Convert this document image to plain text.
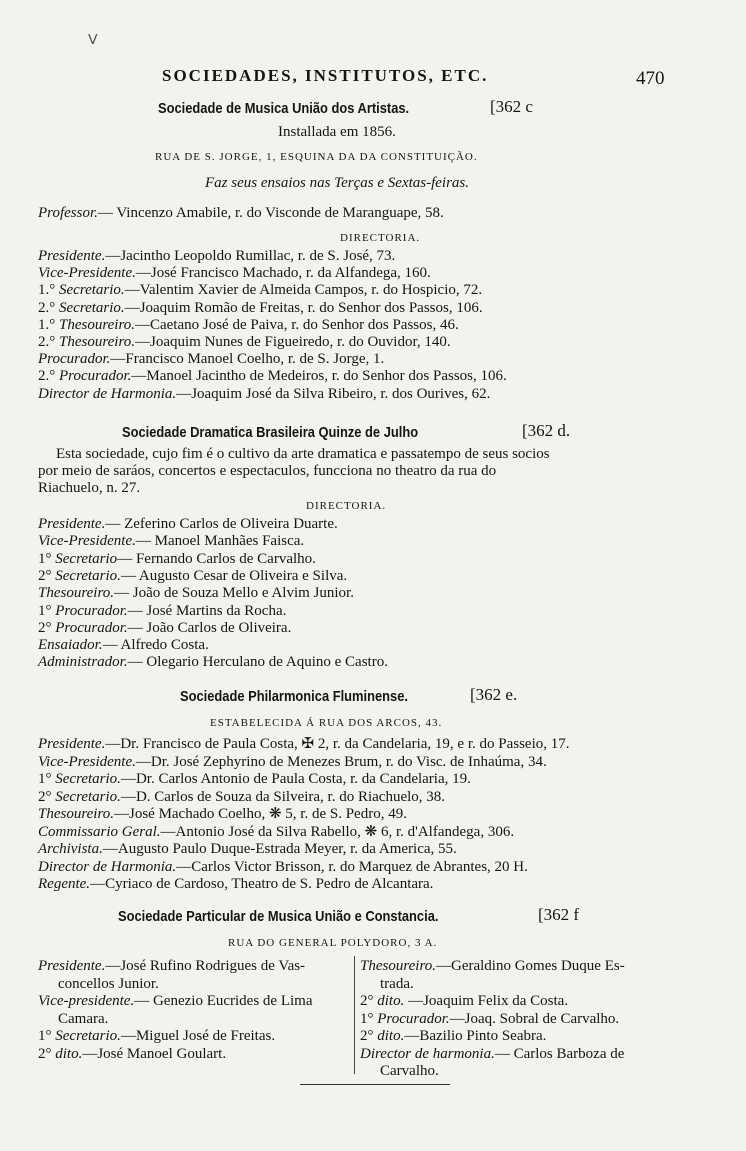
ᐯ
SOCIEDADES, INSTITUTOS, ETC.	470
Sociedade de Musica União dos Artistas.	[362 c
Installada em 1856.
RUA DE S. JORGE, 1, ESQUINA DA DA CONSTITUIÇÃO.
Faz seus ensaios nas Terças e Sextas-feiras.
Professor.— Vincenzo Amabile, r. do Visconde de Maranguape, 58.
DIRECTORIA.
Presidente.—Jacintho Leopoldo Rumillac, r. de S. José, 73.
Vice-Presidente.—José Francisco Machado, r. da Alfandega, 160.
1.° Secretario.—Valentim Xavier de Almeida Campos, r. do Hospicio, 72.
2.° Secretario.—Joaquim Romão de Freitas, r. do Senhor dos Passos, 106.
1.° Thesoureiro.—Caetano José de Paiva, r. do Senhor dos Passos, 46.
2.° Thesoureiro.—Joaquim Nunes de Figueiredo, r. do Ouvidor, 140.
Procurador.—Francisco Manoel Coelho, r. de S. Jorge, 1.
2.° Procurador.—Manoel Jacintho de Medeiros, r. do Senhor dos Passos, 106.
Director de Harmonia.—Joaquim José da Silva Ribeiro, r. dos Ourives, 62.
Sociedade Dramatica Brasileira Quinze de Julho	[362 d.
Esta sociedade, cujo fim é o cultivo da arte dramatica e passatempo de seus socios
por meio de saráos, concertos e espectaculos, funcciona no theatro da rua do
Riachuelo, n. 27.
DIRECTORIA.
Presidente.— Zeferino Carlos de Oliveira Duarte.
Vice-Presidente.— Manoel Manhães Faisca.
1° Secretario— Fernando Carlos de Carvalho.
2° Secretario.— Augusto Cesar de Oliveira e Silva.
Thesoureiro.— João de Souza Mello e Alvim Junior.
1° Procurador.— José Martins da Rocha.
2° Procurador.— João Carlos de Oliveira.
Ensaiador.— Alfredo Costa.
Administrador.— Olegario Herculano de Aquino e Castro.
Sociedade Philarmonica Fluminense.	[362 e.
ESTABELECIDA Á RUA DOS ARCOS, 43.
Presidente.—Dr. Francisco de Paula Costa, ✠ 2, r. da Candelaria, 19, e r. do Passeio, 17.
Vice-Presidente.—Dr. José Zephyrino de Menezes Brum, r. do Visc. de Inhaúma, 34.
1° Secretario.—Dr. Carlos Antonio de Paula Costa, r. da Candelaria, 19.
2° Secretario.—D. Carlos de Souza da Silveira, r. do Riachuelo, 38.
Thesoureiro.—José Machado Coelho, ❋ 5, r. de S. Pedro, 49.
Commissario Geral.—Antonio José da Silva Rabello, ❋ 6, r. d'Alfandega, 306.
Archivista.—Augusto Paulo Duque-Estrada Meyer, r. da America, 55.
Director de Harmonia.—Carlos Victor Brisson, r. do Marquez de Abrantes, 20 H.
Regente.—Cyriaco de Cardoso, Theatro de S. Pedro de Alcantara.
Sociedade Particular de Musica União e Constancia.	[362 f
RUA DO GENERAL POLYDORO, 3 A.
Presidente.—José Rufino Rodrigues de Vas-
concellos Junior.
Vice-presidente.— Genezio Eucrides de Lima
Camara.
1° Secretario.—Miguel José de Freitas.
2° dito.—José Manoel Goulart.
Thesoureiro.—Geraldino Gomes Duque Es-
trada.
2° dito. —Joaquim Felix da Costa.
1° Procurador.—Joaq. Sobral de Carvalho.
2° dito.—Bazilio Pinto Seabra.
Director de harmonia.— Carlos Barboza de
Carvalho.
